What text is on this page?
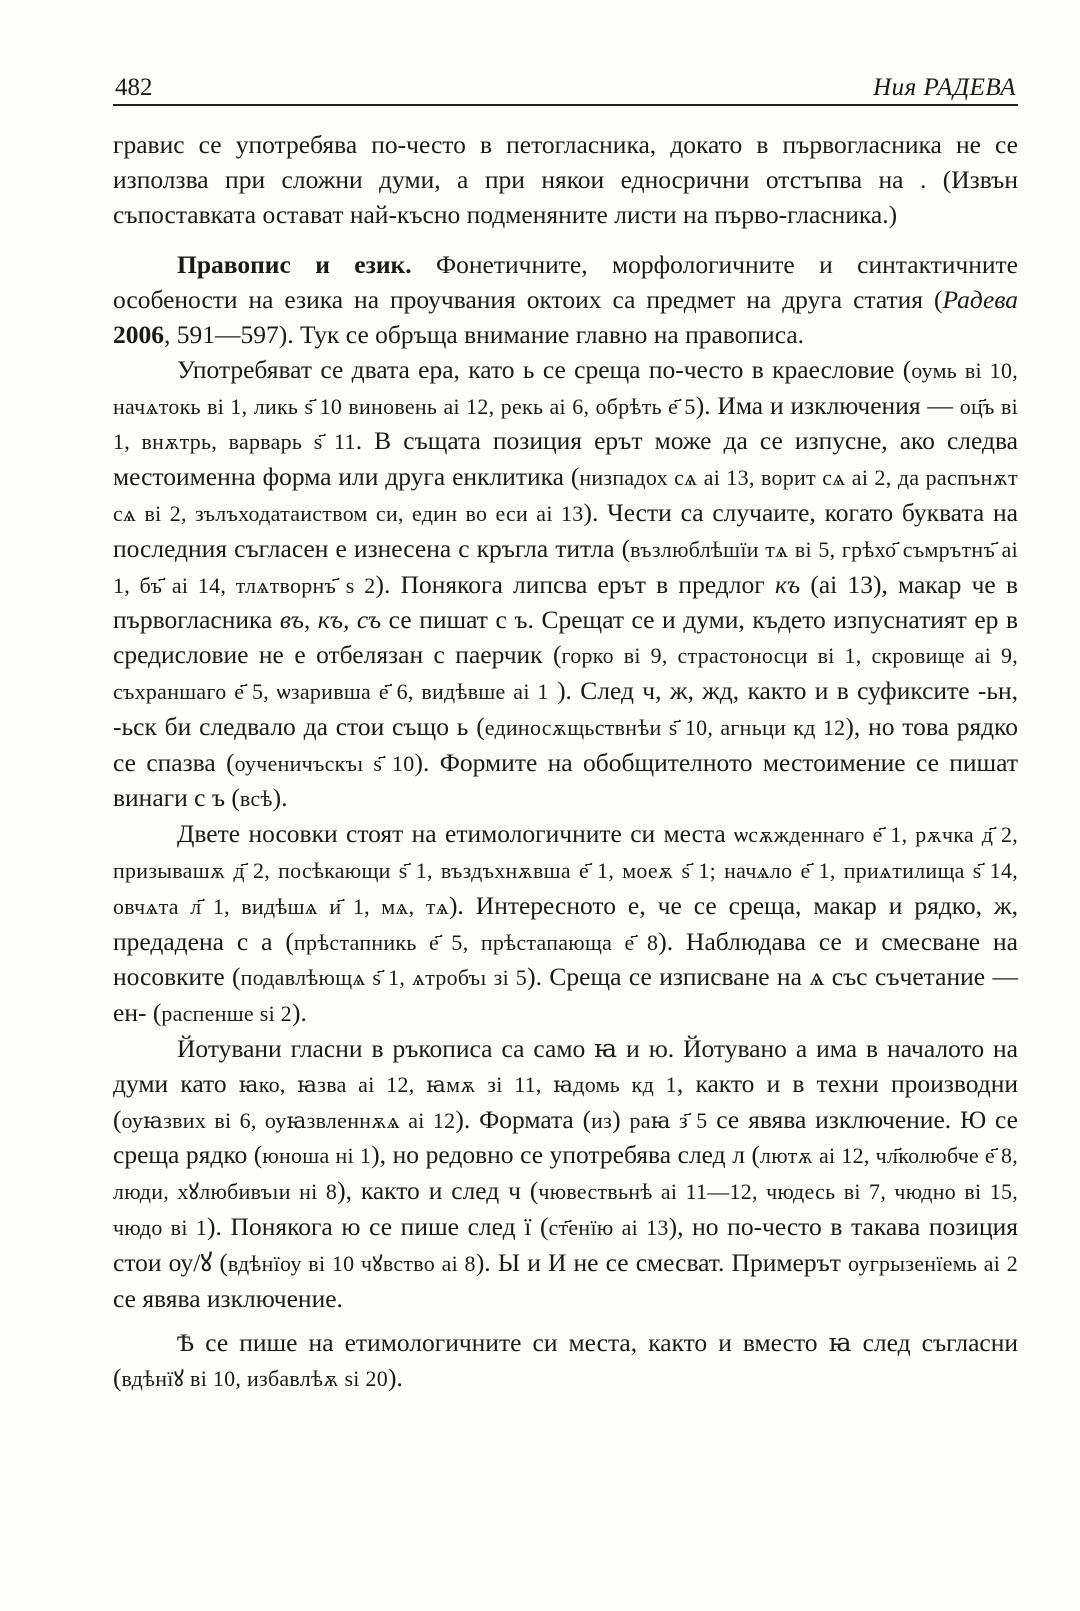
482	Ния РАДЕВА

гравис се употребява по-често в петогласника, докато в първогласника не се използва при сложни думи, а при някои едносрични отстъпва на . (Извън съпоставката остават най-късно подменяните листи на първо-гласника.)

Правопис и език. Фонетичните, морфологичните и синтактичните особености на езика на проучвания октоих са предмет на друга статия (Радева 2006, 591—597). Тук се обръща внимание главно на правописа.

Употребяват се двата ера, като ь се среща по-често в краесловие (оумь ві 10, начѧтокь ві 1, ликь ѕ҃ 10 виновень аі 12, рекь аі 6, обрѣть е҃ 5). Има и изключения — оц҃ъ ві 1, внѫтрь, варварь ѕ҃ 11. В същата позиция ерът може да се изпусне, ако следва местоименна форма или друга енклитика (низпадох сѧ аі 13, ворит сѧ аі 2, да распънѫт сѧ ві 2, зълъходатаиством си, един во еси аі 13). Чести са случаите, когато буквата на последния съгласен е изнесена с кръгла титла (възлюблѣшїи тѧ ві 5, грѣхо҃ съмрътнъ҃ аі 1, бъ҃ аі 14, тлѧтворнъ҃ ѕ 2). Понякога липсва ерът в предлог къ (аі 13), макар че в първогласника въ, къ, съ се пишат с ъ. Срещат се и думи, където изпуснатият ер в средисловие не е отбелязан с паерчик (горко ві 9, страстоносци ві 1, скровище аі 9, съхраншаго е҃ 5, ѡзаривша е҃ 6, видѣвше аі 1 ). След ч, ж, жд, както и в суфиксите -ьн, -ьск би следвало да стои също ь (единосѫщьствнѣи ѕ҃ 10, агньци кд 12), но това рядко се спазва (оученичъскъı ѕ҃ 10). Формите на обобщителното местоимение се пишат винаги с ъ (всѣ).

Двете носовки стоят на етимологичните си места ѡсѫжденнаго е҃ 1, рѫчка д҃ 2, призывашѫ д҃ 2, посѣкающи ѕ҃ 1, въздъхнѫвша е҃ 1, моеѫ ѕ҃ 1; начѧло е҃ 1, приѧтилища ѕ҃ 14, овчѧта л҃ 1, видѣшѧ и҃ 1, мѧ, тѧ). Интересното е, че се среща, макар и рядко, ж, предадена с а (прѣстапникь е҃ 5, прѣстапающа е҃ 8). Наблюдава се и смесване на носовките (подавлѣющѧ ѕ҃ 1, ѧтробъı зі 5). Среща се изписване на ѧ със съчетание —ен- (распенше ѕі 2).

Йотувани гласни в ръкописа са само ꙗ и ю. Йотувано а има в началото на думи като ꙗко, ꙗзва аі 12, ꙗмѫ зі 11, ꙗдомь кд 1, както и в техни производни (оуꙗзвих ві 6, оуꙗзвленнѫѧ аі 12). Формата (из) раꙗ з҃ 5 се явява изключение. Ю се среща рядко (юноша ні 1), но редовно се употребява след л (лютѫ аі 12, чл҃колюбче е҃ 8, люди, хꙋлюбивъıи ні 8), както и след ч (чювествьнѣ аі 11—12, чюдесь ві 7, чюдно ві 15, чюдо ві 1). Понякога ю се пише след ї (ст҃енїю аі 13), но по-често в такава позиция стои оу/ꙋ (вдѣнїоу ві 10 чꙋвство аі 8). Ы и И не се смесват. Примерът оугрызенїемь аі 2 се явява изключение.

Ѣ се пише на етимологичните си места, както и вместо ꙗ след съгласни (вдѣнїꙋ ві 10, избавлѣѫ ѕі 20).
